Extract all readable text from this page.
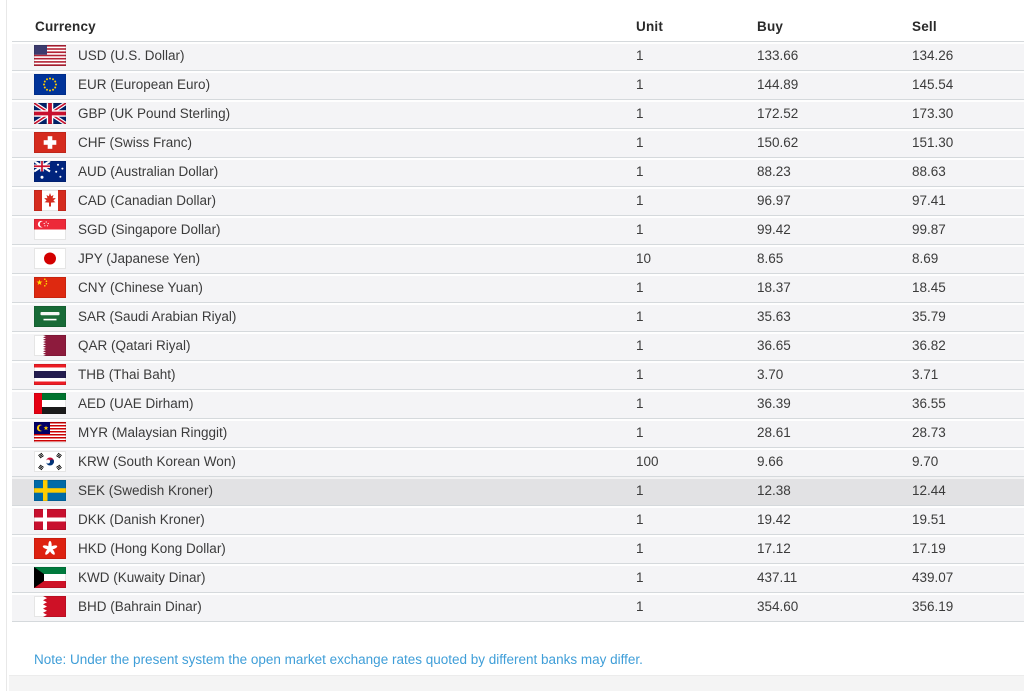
Currency	Unit	Buy	Sell

USD (U.S. Dollar)	1	133.66	134.26

EUR (European Euro)	1	144.89	145.54

GBP (UK Pound Sterling)	1	172.52	173.30

CHF (Swiss Franc)	1	150.62	151.30

AUD (Australian Dollar)	1	88.23	88.63

CAD (Canadian Dollar)	1	96.97	97.41

SGD (Singapore Dollar)	1	99.42	99.87

JPY (Japanese Yen)	10	8.65	8.69

CNY (Chinese Yuan)	1	18.37	18.45

SAR (Saudi Arabian Riyal)	1	35.63	35.79

QAR (Qatari Riyal)	1	36.65	36.82

THB (Thai Baht)	1	3.70	3.71

AED (UAE Dirham)	1	36.39	36.55

MYR (Malaysian Ringgit)	1	28.61	28.73

KRW (South Korean Won)	100	9.66	9.70

SEK (Swedish Kroner)	1	12.38	12.44

DKK (Danish Kroner)	1	19.42	19.51

HKD (Hong Kong Dollar)	1	17.12	17.19

KWD (Kuwaity Dinar)	1	437.11	439.07

BHD (Bahrain Dinar)	1	354.60	356.19
Note: Under the present system the open market exchange rates quoted by different banks may differ.
